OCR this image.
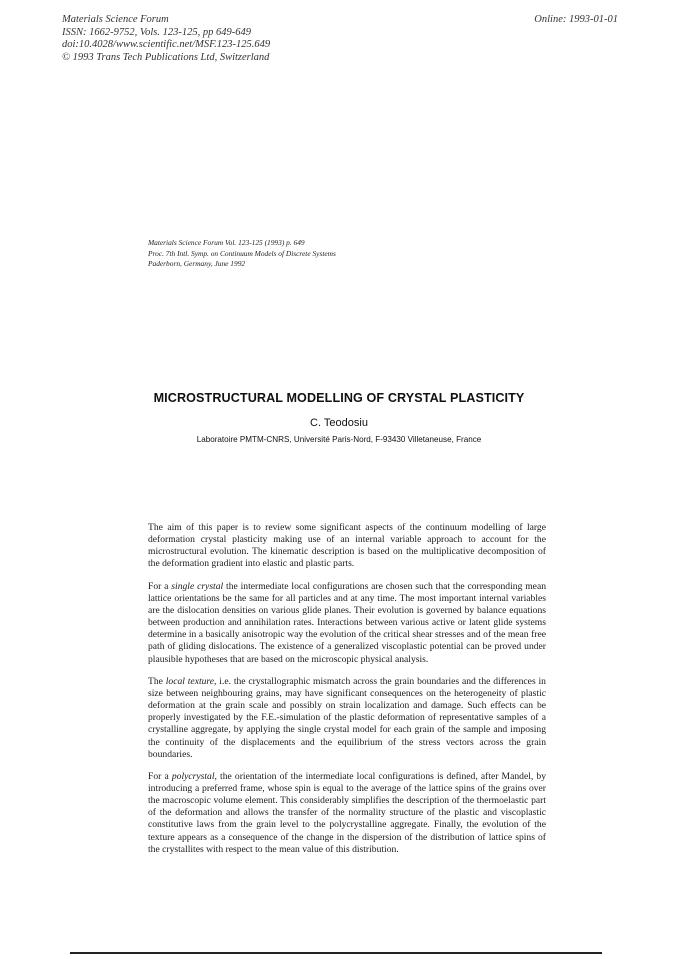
Materials Science Forum
ISSN: 1662-9752, Vols. 123-125, pp 649-649
doi:10.4028/www.scientific.net/MSF.123-125.649
© 1993 Trans Tech Publications Ltd, Switzerland
Online: 1993-01-01
Materials Science Forum Vol. 123-125 (1993) p. 649
Proc. 7th Intl. Symp. on Continuum Models of Discrete Systems
Paderborn, Germany, June 1992
MICROSTRUCTURAL MODELLING OF CRYSTAL PLASTICITY
C. Teodosiu
Laboratoire PMTM-CNRS, Université Paris-Nord, F-93430 Villetaneuse, France

The aim of this paper is to review some significant aspects of the continuum modelling of large deformation crystal plasticity making use of an internal variable approach to account for the microstructural evolution. The kinematic description is based on the multiplicative decomposition of the deformation gradient into elastic and plastic parts.

For a single crystal the intermediate local configurations are chosen such that the corresponding mean lattice orientations be the same for all particles and at any time. The most important internal variables are the dislocation densities on various glide planes. Their evolution is governed by balance equations between production and annihilation rates. Interactions between various active or latent glide systems determine in a basically anisotropic way the evolution of the critical shear stresses and of the mean free path of gliding dislocations. The existence of a generalized viscoplastic potential can be proved under plausible hypotheses that are based on the microscopic physical analysis.

The local texture, i.e. the crystallographic mismatch across the grain boundaries and the differences in size between neighbouring grains, may have significant consequences on the heterogeneity of plastic deformation at the grain scale and possibly on strain localization and damage. Such effects can be properly investigated by the F.E.-simulation of the plastic deformation of representative samples of a crystalline aggregate, by applying the single crystal model for each grain of the sample and imposing the continuity of the displacements and the equilibrium of the stress vectors across the grain boundaries.

For a polycrystal, the orientation of the intermediate local configurations is defined, after Mandel, by introducing a preferred frame, whose spin is equal to the average of the lattice spins of the grains over the macroscopic volume element. This considerably simplifies the description of the thermoelastic part of the deformation and allows the transfer of the normality structure of the plastic and viscoplastic constitutive laws from the grain level to the polycrystalline aggregate. Finally, the evolution of the texture appears as a consequence of the change in the dispersion of the distribution of lattice spins of the crystallites with respect to the mean value of this distribution.
